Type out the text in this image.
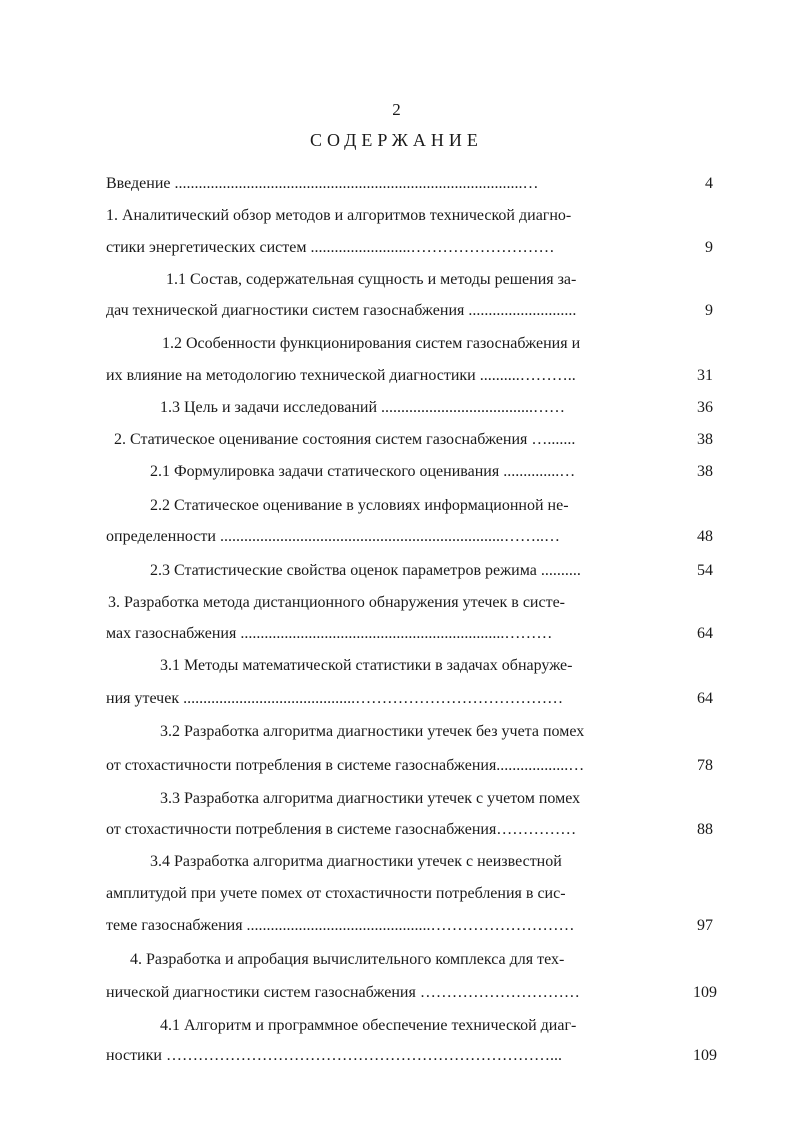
2
СОДЕРЖАНИЕ
Введение .......................................................................................…	4
1. Аналитический обзор методов и алгоритмов технической диагно-
стики энергетических систем .........................………………………	9
1.1 Состав, содержательная сущность и методы решения за-
дач технической диагностики систем газоснабжения ...........................	9
1.2 Особенности функционирования систем газоснабжения и
их влияние на методологию технической диагностики ..........………..	31
1.3 Цель и задачи исследований ......................................……	36
2. Статическое оценивание состояния систем газоснабжения ….......	38
2.1 Формулировка задачи статического оценивания ..............…	38
2.2 Статическое оценивание в условиях информационной не-
определенности .......................................................................……..…	48
2.3 Статистические свойства оценок параметров режима ..........	54
3. Разработка метода дистанционного обнаружения утечек в систе-
мах газоснабжения ..................................................................………	64
3.1 Методы математической статистики в задачах обнаруже-
ния утечек ...........................................…………………………………	64
3.2 Разработка алгоритма диагностики утечек без учета помех
от стохастичности потребления в системе газоснабжения..................…	78
3.3 Разработка алгоритма диагностики утечек с учетом помех
от стохастичности потребления в системе газоснабжения……………	88
3.4 Разработка алгоритма диагностики утечек с неизвестной
амплитудой при учете помех от стохастичности потребления в сис-
теме газоснабжения ..............................................………………………	97
4. Разработка и апробация вычислительного комплекса для тех-
нической диагностики систем газоснабжения …………………………	109
4.1 Алгоритм и программное обеспечение технической диаг-
ностики ………………………………………………………………...	109
